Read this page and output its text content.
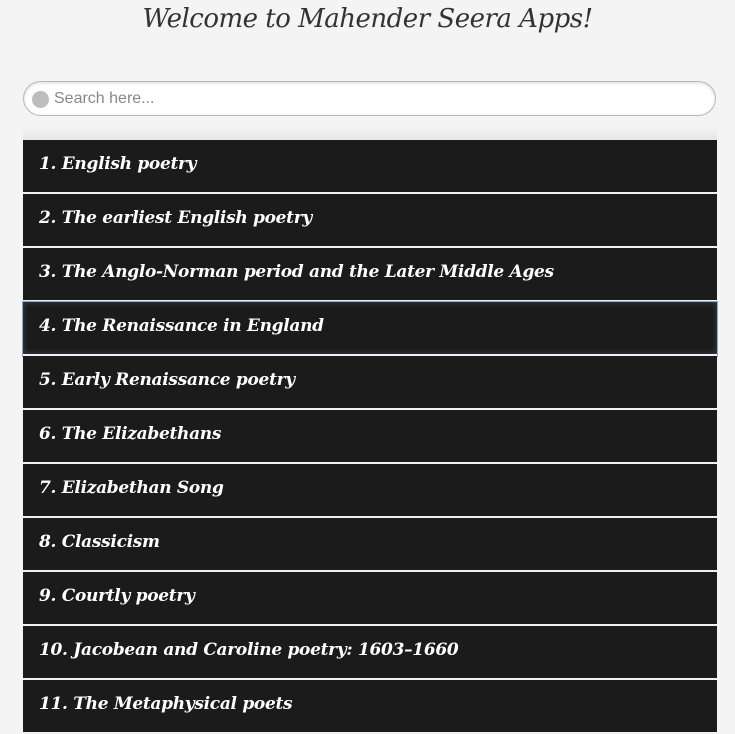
Welcome to Mahender Seera Apps!
Search here...
1. English poetry
2. The earliest English poetry
3. The Anglo-Norman period and the Later Middle Ages
4. The Renaissance in England
5. Early Renaissance poetry
6. The Elizabethans
7. Elizabethan Song
8. Classicism
9. Courtly poetry
10. Jacobean and Caroline poetry: 1603–1660
11. The Metaphysical poets
